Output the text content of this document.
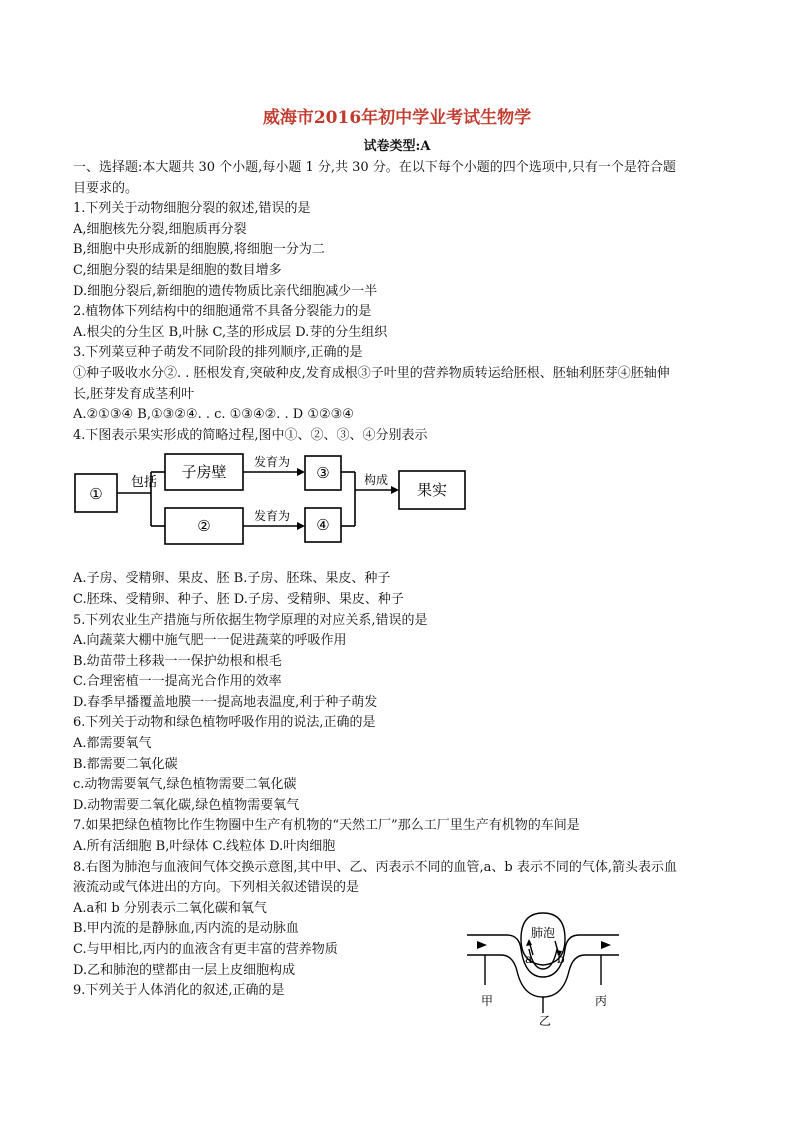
威海市2016年初中学业考试生物学
试卷类型:A
一、选择题:本大题共 30 个小题,每小题 1 分,共 30 分。在以下每个小题的四个选项中,只有一个是符合题
目要求的。
1.下列关于动物细胞分裂的叙述,错误的是
A,细胞核先分裂,细胞质再分裂
B,细胞中央形成新的细胞膜,将细胞一分为二
C,细胞分裂的结果是细胞的数目增多
D.细胞分裂后,新细胞的遗传物质比亲代细胞减少一半
2.植物体下列结构中的细胞通常不具备分裂能力的是
A.根尖的分生区 B,叶脉 C,茎的形成层 D.芽的分生组织
3.下列菜豆种子萌发不同阶段的排列顺序,正确的是
①种子吸收水分②. . 胚根发育,突破种皮,发育成根③子叶里的营养物质转运给胚根、胚轴利胚芽④胚轴伸
长,胚芽发育成茎利叶
A.②①③④ B,①③②④. . c. ①③④②. . D ①②③④
4.下图表示果实形成的简略过程,图中①、②、③、④分别表示
①
包括
子房壁
发育为
③
②
发育为 ④
构成
果实
A.子房、受精卵、果皮、胚 B.子房、胚珠、果皮、种子
C.胚珠、受精卵、种子、胚 D.子房、受精卵、果皮、种子
5.下列农业生产措施与所依据生物学原理的对应关系,错误的是
A.向蔬菜大棚中施气肥一一促进蔬菜的呼吸作用
B.幼苗带土移栽一一保护幼根和根毛
C.合理密植一一提高光合作用的效率
D.春季早播覆盖地膜一一提高地表温度,利于种子萌发
6.下列关于动物和绿色植物呼吸作用的说法,正确的是
A.都需要氧气
B.都需要二氧化碳
c.动物需要氧气,绿色植物需要二氧化碳
D.动物需要二氧化碳,绿色植物需要氧气
7.如果把绿色植物比作生物圈中生产有机物的“天然工厂”那么工厂里生产有机物的车间是
A.所有活细胞 B,叶绿体 C.线粒体 D.叶肉细胞
8.右图为肺泡与血液间气体交换示意图,其中甲、乙、丙表示不同的血管,a、b 表示不同的气体,箭头表示血
液流动或气体进出的方向。下列相关叙述错误的是
A.a和 b 分别表示二氧化碳和氧气
B.甲内流的是静脉血,丙内流的是动脉血
C.与甲相比,丙内的血液含有更丰富的营养物质
D.乙和肺泡的壁都由一层上皮细胞构成
9.下列关于人体消化的叙述,正确的是
肺泡
a b
甲
乙
丙
